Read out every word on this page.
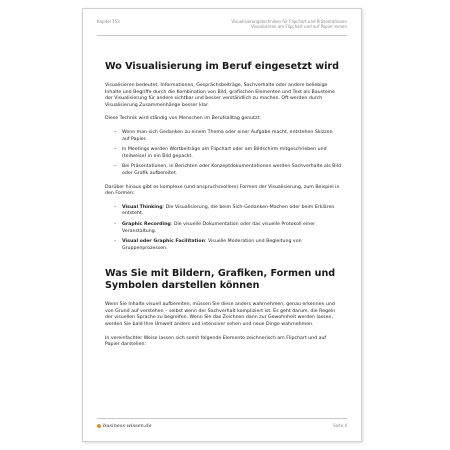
Kapitel 153	Visualisierungstechniken für Flipchart und Präsentationen
Visualisieren am Flipchart und auf Papier lernen
Wo Visualisierung im Beruf eingesetzt wird

Visualisieren bedeutet, Informationen, Gesprächsbeiträge, Sachverhalte oder andere beliebige Inhalte und Begriffe durch die Kombination von Bild, grafischen Elementen und Text als Bausteine der Visualisierung für andere sichtbar und besser verständlich zu machen. Oft werden durch Visualisierung Zusammenhänge besser klar.

Diese Technik wird ständig von Menschen im Berufsalltag genutzt:

– Wenn man sich Gedanken zu einem Thema oder einer Aufgabe macht, entstehen Skizzen auf Papier.
– In Meetings werden Wortbeiträge am Flipchart oder am Bildschirm mitgeschrieben und (teilweise) in ein Bild gepackt.
– Bei Präsentationen, in Berichten oder Konzeptdokumentationen werden Sachverhalte als Bild oder Grafik aufbereitet.

Darüber hinaus gibt es komplexe (und anspruchsvollere) Formen der Visualisierung, zum Beispiel in den Formen:

– Visual Thinking: Die Visualisierung, die beim Sich-Gedanken-Machen oder beim Erklären entsteht.
– Graphic Recording: Die visuelle Dokumentation oder das visuelle Protokoll einer Veranstaltung.
– Visual oder Graphic Facilitation: Visuelle Moderation und Begleitung von Gruppenprozessen.
Was Sie mit Bildern, Grafiken, Formen und Symbolen darstellen können

Wenn Sie Inhalte visuell aufbereiten, müssen Sie diese anders wahrnehmen, genau erkennen und von Grund auf verstehen – selbst wenn der Sachverhalt kompliziert ist. Es geht darum, die Regeln der visuellen Sprache zu begreifen. Wenn Sie das Zeichnen dann zur Gewohnheit werden lassen, werden Sie bald Ihre Umwelt anders und intensiver sehen und neue Dinge wahrnehmen.

In vereinfachter Weise lassen sich somit folgende Elemente zeichnerisch am Flipchart und auf Papier darstellen:

business-wissen.de	Seite 4
